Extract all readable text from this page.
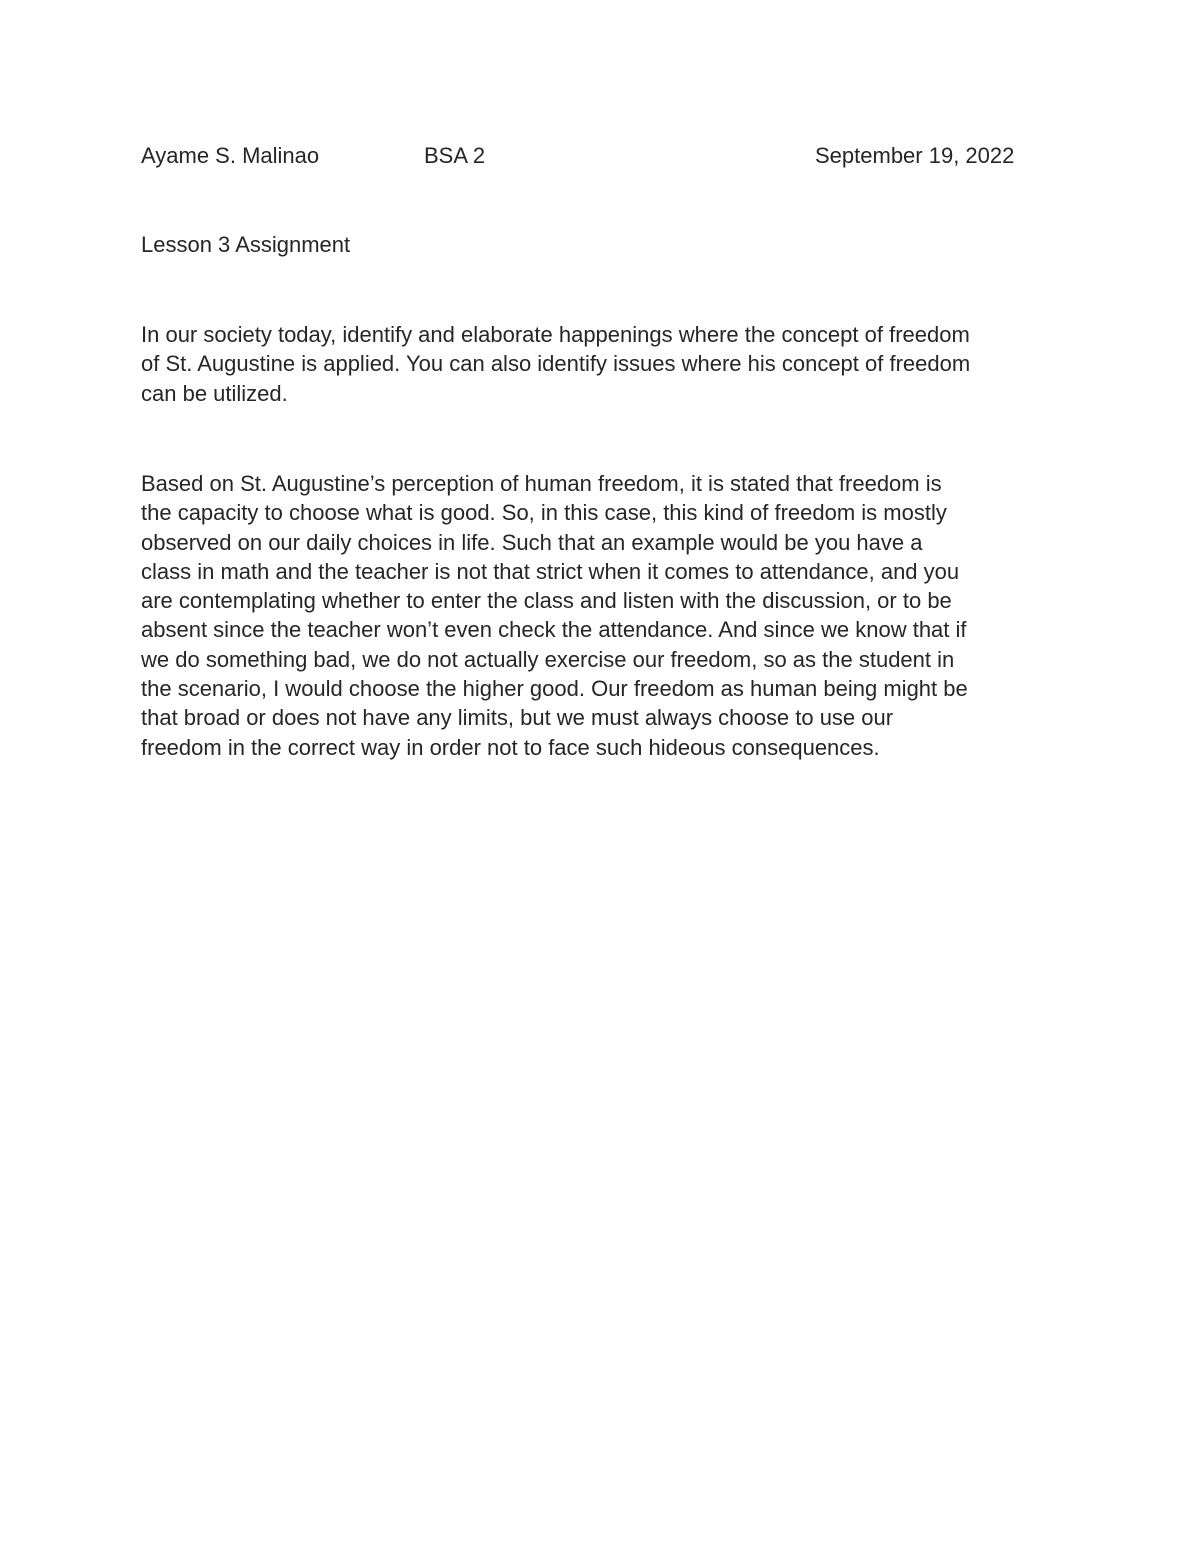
Ayame S. Malinao	BSA 2	September 19, 2022
Lesson 3 Assignment
In our society today, identify and elaborate happenings where the concept of freedom
of St. Augustine is applied. You can also identify issues where his concept of freedom
can be utilized.
Based on St. Augustine’s perception of human freedom, it is stated that freedom is
the capacity to choose what is good. So, in this case, this kind of freedom is mostly
observed on our daily choices in life. Such that an example would be you have a
class in math and the teacher is not that strict when it comes to attendance, and you
are contemplating whether to enter the class and listen with the discussion, or to be
absent since the teacher won’t even check the attendance. And since we know that if
we do something bad, we do not actually exercise our freedom, so as the student in
the scenario, I would choose the higher good. Our freedom as human being might be
that broad or does not have any limits, but we must always choose to use our
freedom in the correct way in order not to face such hideous consequences.
